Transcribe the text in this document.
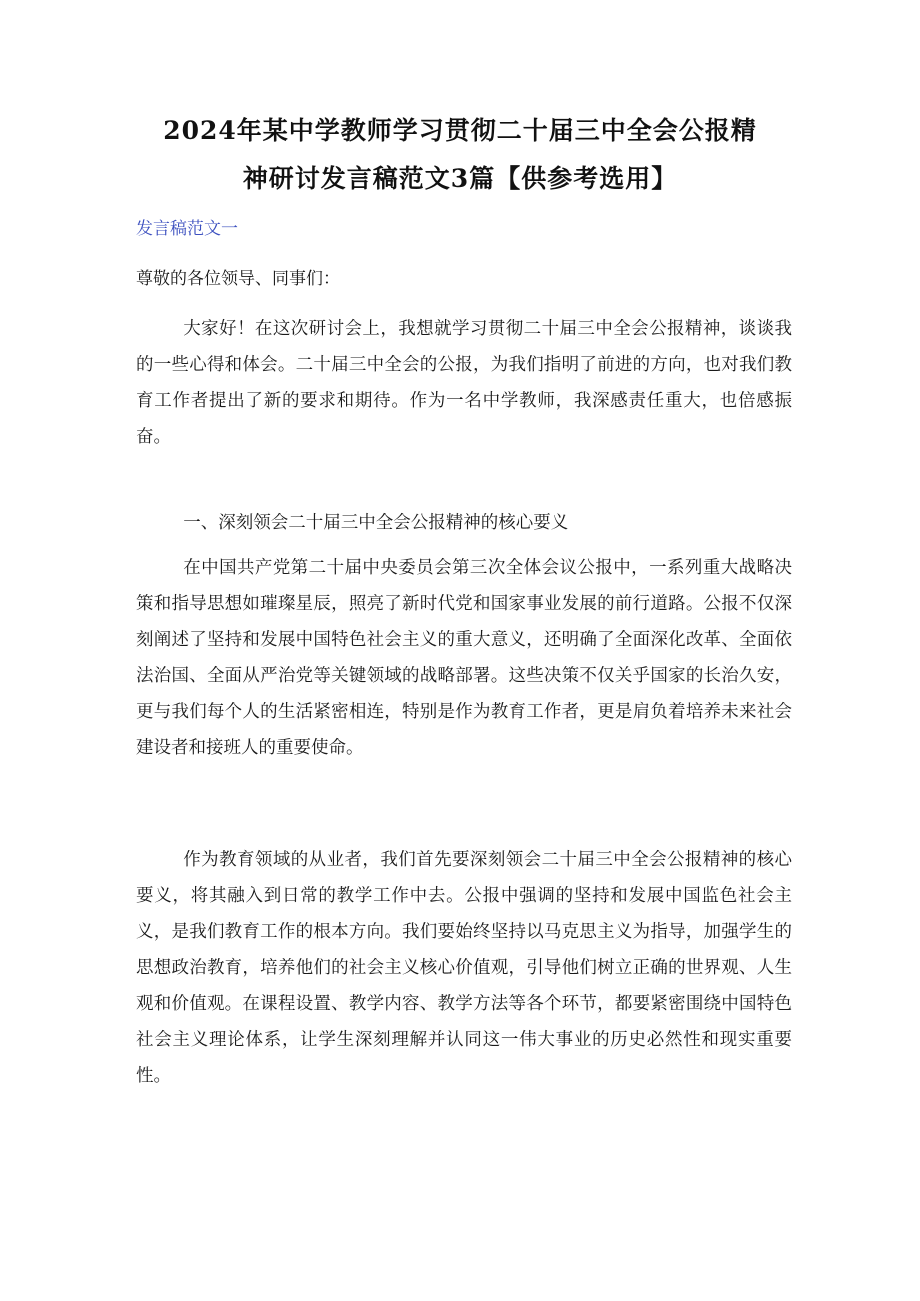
2024年某中学教师学习贯彻二十届三中全会公报精
神研讨发言稿范文3篇【供参考选用】

发言稿范文一

尊敬的各位领导、同事们：

大家好！在这次研讨会上，我想就学习贯彻二十届三中全会公报精神，谈谈我的一些心得和体会。二十届三中全会的公报，为我们指明了前进的方向，也对我们教育工作者提出了新的要求和期待。作为一名中学教师，我深感责任重大，也倍感振奋。

一、深刻领会二十届三中全会公报精神的核心要义

在中国共产党第二十届中央委员会第三次全体会议公报中，一系列重大战略决策和指导思想如璀璨星辰，照亮了新时代党和国家事业发展的前行道路。公报不仅深刻阐述了坚持和发展中国特色社会主义的重大意义，还明确了全面深化改革、全面依法治国、全面从严治党等关键领域的战略部署。这些决策不仅关乎国家的长治久安，更与我们每个人的生活紧密相连，特别是作为教育工作者，更是肩负着培养未来社会建设者和接班人的重要使命。

作为教育领域的从业者，我们首先要深刻领会二十届三中全会公报精神的核心要义，将其融入到日常的教学工作中去。公报中强调的坚持和发展中国监色社会主义，是我们教育工作的根本方向。我们要始终坚持以马克思主义为指导，加强学生的思想政治教育，培养他们的社会主义核心价值观，引导他们树立正确的世界观、人生观和价值观。在课程设置、教学内容、教学方法等各个环节，都要紧密围绕中国特色社会主义理论体系，让学生深刻理解并认同这一伟大事业的历史必然性和现实重要性。
